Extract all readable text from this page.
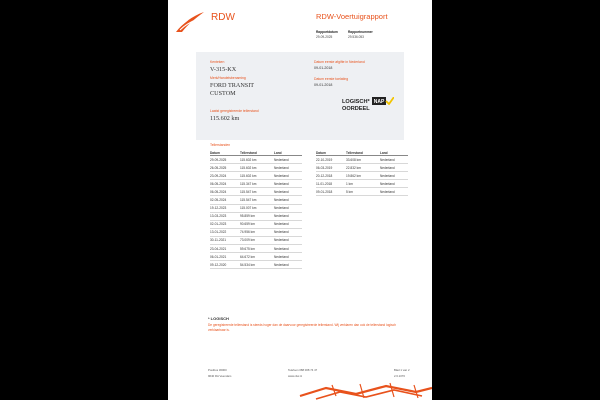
RDW	RDW-Voertuigrapport
Rapportdatum
29-09-2025
Rapportnummer
29.536.053
Kenteken
V-315-KX
Merk/Handelsbenaming
FORD TRANSIT
CUSTOM
Laatst geregistreerde tellerstand
115.602 km
Datum eerste afgifte in Nederland
09-01-2018
Datum eerste toelating
09-01-2018
LOGISCH*
OORDEEL
NAP
Tellerstanden
Datum	Tellerstand	Land
29-09-2025	115.602 km	Nederland
26-05-2025	115.602 km	Nederland
23-09-2024	115.602 km	Nederland
06-05-2024	115.347 km	Nederland
06-05-2024	115.547 km	Nederland
02-05-2024	115.547 km	Nederland
19-12-2023	115.007 km	Nederland
13-03-2023	95.859 km	Nederland
02-01-2023	90.659 km	Nederland
13-01-2022	74.956 km	Nederland
30-11-2021	73.009 km	Nederland
23-04-2021	59.675 km	Nederland
06-01-2021	64.672 km	Nederland
09-12-2020	54.534 km	Nederland
Datum	Tellerstand	Land
22-10-2019	33.608 km	Nederland
06-03-2019	22.832 km	Nederland
20-12-2018	19.862 km	Nederland
11-01-2018	1 km	Nederland
09-01-2018	5 km	Nederland
* LOGISCH
De geregistreerde tellerstand is steeds hoger dan de daarvoor geregistreerde tellerstand. Wij verklaren dan ook de tellerstand logisch verklaarbaar is.
Postbus 30000
9640 RA Veendam
Telefoon 088 008 74 47
www.rdw.nl
Blad 1 van 2
2.6.1076
